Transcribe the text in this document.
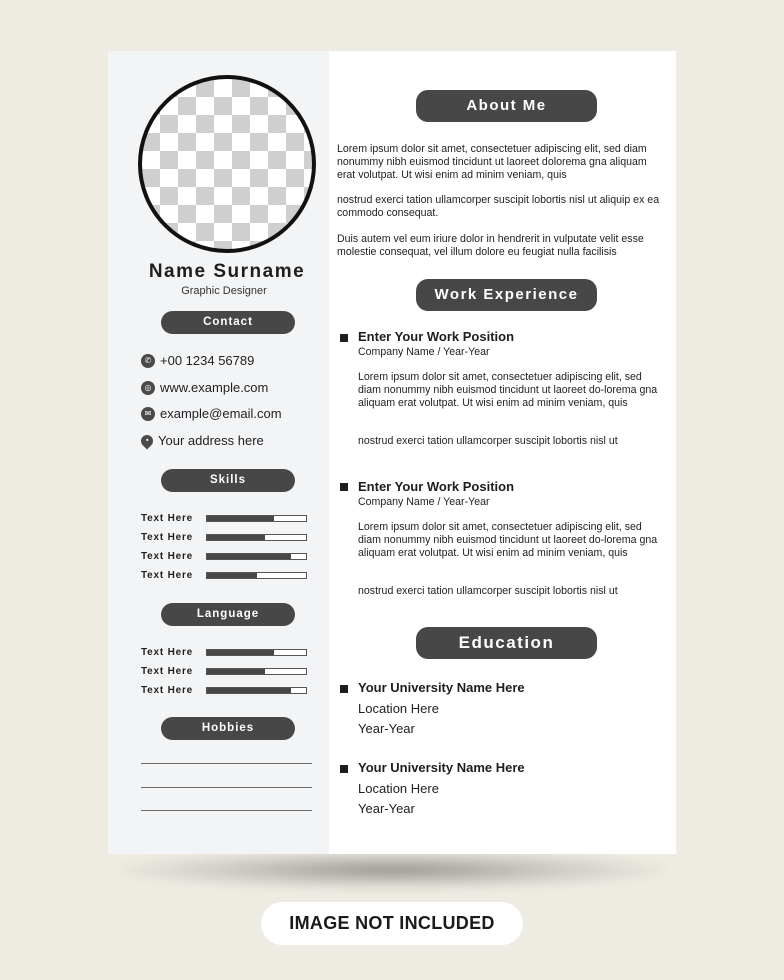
Name Surname
Graphic Designer
Contact
✆ +00 1234 56789
◎ www.example.com
✉ example@email.com
• Your address here
Skills
Text Here
Text Here
Text Here
Text Here
Language
Text Here
Text Here
Text Here
Hobbies
About Me
Lorem ipsum dolor sit amet, consectetuer adipiscing elit, sed diam nonummy nibh euismod tincidunt ut laoreet dolorema gna aliquam erat volutpat. Ut wisi enim ad minim veniam, quis
nostrud exerci tation ullamcorper suscipit lobortis nisl ut aliquip ex ea commodo consequat.
Duis autem vel eum iriure dolor in hendrerit in vulputate velit esse molestie consequat, vel illum dolore eu feugiat nulla facilisis
Work Experience
Enter Your Work Position
Company Name / Year-Year
Lorem ipsum dolor sit amet, consectetuer adipiscing elit, sed diam nonummy nibh euismod tincidunt ut laoreet do-lorema gna aliquam erat volutpat. Ut wisi enim ad minim veniam, quis
nostrud exerci tation ullamcorper suscipit lobortis nisl ut
Enter Your Work Position
Company Name / Year-Year
Lorem ipsum dolor sit amet, consectetuer adipiscing elit, sed diam nonummy nibh euismod tincidunt ut laoreet do-lorema gna aliquam erat volutpat. Ut wisi enim ad minim veniam, quis
nostrud exerci tation ullamcorper suscipit lobortis nisl ut
Education
Your University Name Here
Location Here
Year-Year
Your University Name Here
Location Here
Year-Year
IMAGE NOT INCLUDED
